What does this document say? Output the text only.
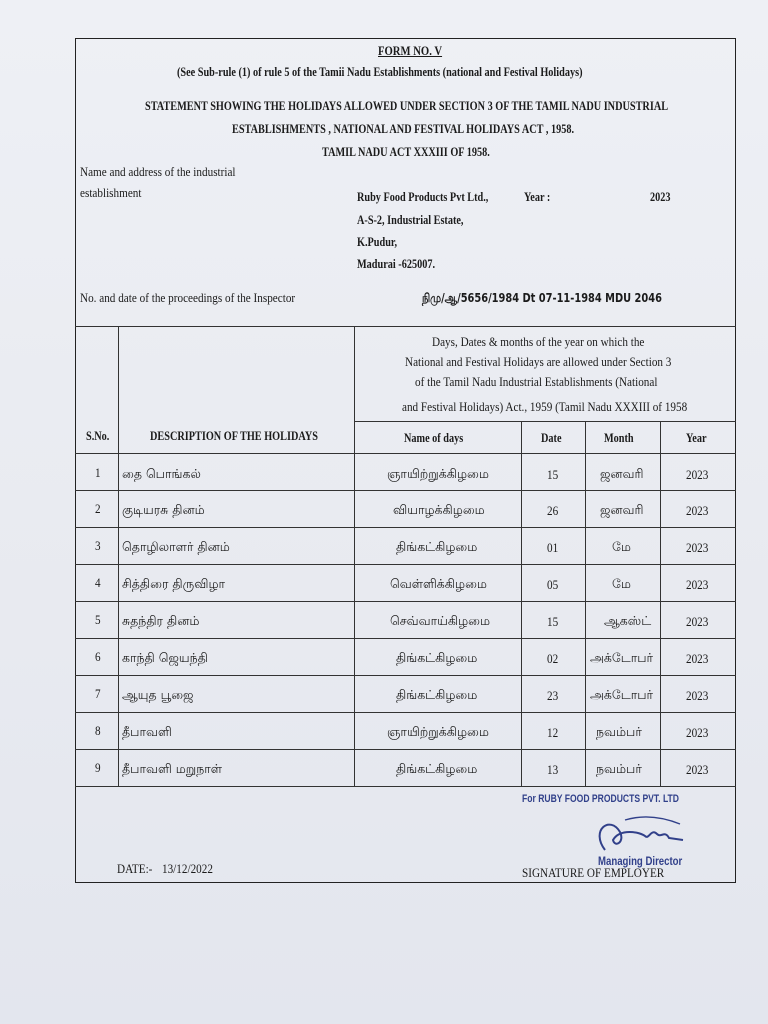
FORM NO. V
(See Sub-rule (1) of rule 5 of the Tamii Nadu Establishments (national and Festival Holidays)
STATEMENT SHOWING THE HOLIDAYS ALLOWED UNDER SECTION 3 OF THE TAMIL NADU INDUSTRIAL
ESTABLISHMENTS , NATIONAL AND FESTIVAL HOLIDAYS ACT , 1958.
TAMIL NADU ACT XXXIII OF 1958.
Name and address of the industrial
establishment	Ruby Food Products Pvt Ltd.,	Year :	2023
A-S-2, Industrial Estate,
K.Pudur,
Madurai -625007.
No. and date of the proceedings of the Inspector	நிமு/ஆ/5656/1984 Dt 07-11-1984 MDU 2046
Days, Dates & months of the year on which the
National and Festival Holidays are allowed under Section 3
of the Tamil Nadu Industrial Establishments (National
and Festival Holidays) Act., 1959 (Tamil Nadu XXXIII of 1958
S.No.	DESCRIPTION OF THE HOLIDAYS	Name of days	Date	Month	Year
1 தை பொங்கல்	ஞாயிற்றுக்கிழமை	15	ஜனவரி	2023
2 குடியரசு தினம்	வியாழக்கிழமை	26	ஜனவரி	2023
3 தொழிலாளர் தினம்	திங்கட்கிழமை	01	மே	2023
4 சித்திரை திருவிழா	வெள்ளிக்கிழமை	05	மே	2023
5 சுதந்திர தினம்	செவ்வாய்கிழமை	15	ஆகஸ்ட்	2023
6 காந்தி ஜெயந்தி	திங்கட்கிழமை	02	அக்டோபர்	2023
7 ஆயுத பூஜை	திங்கட்கிழமை	23	அக்டோபர்	2023
8 தீபாவளி	ஞாயிற்றுக்கிழமை	12	நவம்பர்	2023
9 தீபாவளி மறுநாள்	திங்கட்கிழமை	13	நவம்பர்	2023
For RUBY FOOD PRODUCTS PVT. LTD
Managing Director
DATE:- 13/12/2022	SIGNATURE OF EMPLOYER
